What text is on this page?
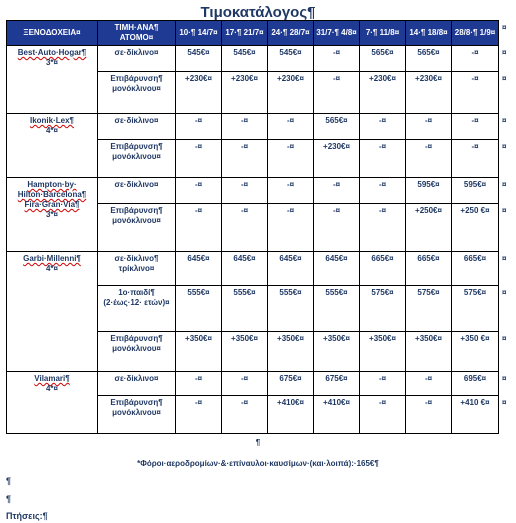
Τιμοκατάλογος¶
ΞΕΝΟΔΟΧΕΙΑ¤	ΤΙΜΗ·ΑΝΑ¶ ΑΤΟΜΟ¤	10·¶ 14/7¤	17·¶ 21/7¤	24·¶ 28/7¤	31/7·¶ 4/8¤	7·¶ 11/8¤	14·¶ 18/8¤	28/8·¶ 1/9¤

Best·Auto·Hogar¶
3*¤	σε·δίκλινο¤	545€¤	545€¤	545€¤	-¤	565€¤	565€¤	-¤
	Επιβάρυνση¶ μονόκλινου¤	+230€¤	+230€¤	+230€¤	-¤	+230€¤	+230€¤	-¤

Ikonik·Lex¶
4*¤	σε·δίκλινο¤	-¤	-¤	-¤	565€¤	-¤	-¤	-¤
	Επιβάρυνση¶ μονόκλινου¤	-¤	-¤	-¤	+230€¤	-¤	-¤	-¤

Hampton·by· Hilton·Barcelona¶ Fira·Gran·Via¶
3*¤	σε·δίκλινο¤	-¤	-¤	-¤	-¤	-¤	595€¤	595€¤
	Επιβάρυνση¶ μονόκλινου¤	-¤	-¤	-¤	-¤	-¤	+250€¤	+250 €¤

Garbi·Millenni¶
4*¤	σε·δίκλινο¶ τρίκλινο¤	645€¤	645€¤	645€¤	645€¤	665€¤	665€¤	665€¤
	1ο·παιδί¶ (2·έως·12· ετών)¤	555€¤	555€¤	555€¤	555€¤	575€¤	575€¤	575€¤
	Επιβάρυνση¶ μονόκλινου¤	+350€¤	+350€¤	+350€¤	+350€¤	+350€¤	+350€¤	+350 €¤

Vilamari¶
4*¤	σε·δίκλινο¤	-¤	-¤	675€¤	675€¤	-¤	-¤	695€¤
	Επιβάρυνση¶ μονόκλινου¤	-¤	-¤	+410€¤	+410€¤	-¤	-¤	+410 €¤
¤
¤
¤
¤
¤
¤
¤
¤
¤
¤
¤
¤
¶
*Φόροι·αεροδρομίων·&·επίναυλοι·καυσίμων·(και·λοιπά):·165€¶
¶
¶
Πτήσεις:¶
